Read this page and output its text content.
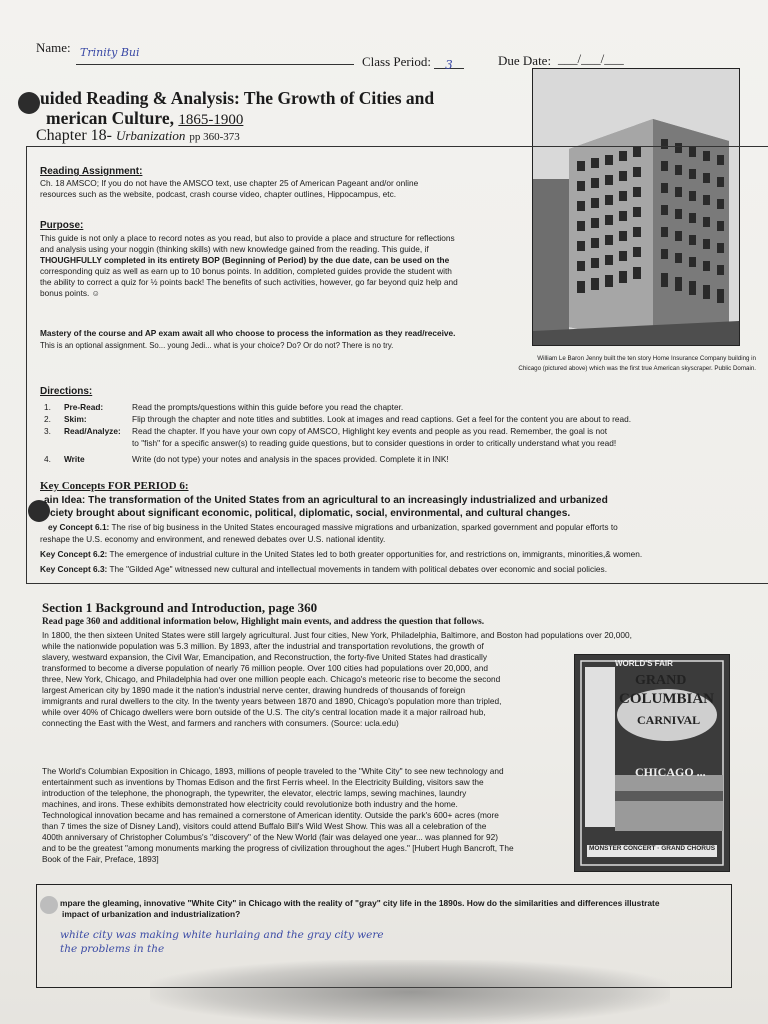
Name: Trinity Bui
Class Period:	3	Due Date: ___/___/___
uided Reading & Analysis: The Growth of Cities and
merican Culture, 1865-1900
Chapter 18- Urbanization pp 360-373
Reading Assignment:
Ch. 18 AMSCO; If you do not have the AMSCO text, use chapter 25 of American Pageant and/or online
resources such as the website, podcast, crash course video, chapter outlines, Hippocampus, etc.
Purpose:
This guide is not only a place to record notes as you read, but also to provide a place and structure for reflections
and analysis using your noggin (thinking skills) with new knowledge gained from the reading. This guide, if
THOUGHFULLY completed in its entirety BOP (Beginning of Period) by the due date, can be used on the
corresponding quiz as well as earn up to 10 bonus points. In addition, completed guides provide the student with
the ability to correct a quiz for ½ points back! The benefits of such activities, however, go far beyond quiz help and
bonus points. ☺
Mastery of the course and AP exam await all who choose to process the information as they read/receive.
This is an optional assignment. So... young Jedi... what is your choice? Do? Or do not? There is no try.
William Le Baron Jenny built the ten story Home Insurance Company building in
Chicago (pictured above) which was the first true American skyscraper. Public Domain.
Directions:
1. Pre-Read:	Read the prompts/questions within this guide before you read the chapter.
2. Skim:	Flip through the chapter and note titles and subtitles. Look at images and read captions. Get a feel for the content you are about to read.
3. Read/Analyze: Read the chapter. If you have your own copy of AMSCO, Highlight key events and people as you read. Remember, the goal is not
to "fish" for a specific answer(s) to reading guide questions, but to consider questions in order to critically understand what you read!
4. Write	Write (do not type) your notes and analysis in the spaces provided. Complete it in INK!
Key Concepts FOR PERIOD 6:
ain Idea: The transformation of the United States from an agricultural to an increasingly industrialized and urbanized
ciety brought about significant economic, political, diplomatic, social, environmental, and cultural changes.
ey Concept 6.1: The rise of big business in the United States encouraged massive migrations and urbanization, sparked government and popular efforts to
reshape the U.S. economy and environment, and renewed debates over U.S. national identity.
Key Concept 6.2: The emergence of industrial culture in the United States led to both greater opportunities for, and restrictions on, immigrants, minorities,& women.
Key Concept 6.3: The "Gilded Age" witnessed new cultural and intellectual movements in tandem with political debates over economic and social policies.
Section 1 Background and Introduction, page 360
Read page 360 and additional information below, Highlight main events, and address the question that follows.
In 1800, the then sixteen United States were still largely agricultural. Just four cities, New York, Philadelphia, Baltimore, and Boston had populations over 20,000,
while the nationwide population was 5.3 million. By 1893, after the industrial and transportation revolutions, the growth of
slavery, westward expansion, the Civil War, Emancipation, and Reconstruction, the forty-five United States had drastically
transformed to become a diverse population of nearly 76 million people. Over 100 cities had populations over 20,000, and
three, New York, Chicago, and Philadelphia had over one million people each. Chicago's meteoric rise to become the second
largest American city by 1890 made it the nation's industrial nerve center, drawing hundreds of thousands of foreign
immigrants and rural dwellers to the city. In the twenty years between 1870 and 1890, Chicago's population more than tripled,
while over 40% of Chicago dwellers were born outside of the U.S. The city's central location made it a major railroad hub,
connecting the East with the West, and farmers and ranchers with consumers. (Source: ucla.edu)
The World's Columbian Exposition in Chicago, 1893, millions of people traveled to the "White City" to see new technology and
entertainment such as inventions by Thomas Edison and the first Ferris wheel. In the Electricity Building, visitors saw the
introduction of the telephone, the phonograph, the typewriter, the elevator, electric lamps, sewing machines, laundry
machines, and irons. These exhibits demonstrated how electricity could revolutionize both industry and the home.
Technological innovation became and has remained a cornerstone of American identity. Outside the park's 600+ acres (more
than 7 times the size of Disney Land), visitors could attend Buffalo Bill's Wild West Show. This was all a celebration of the
400th anniversary of Christopher Columbus's "discovery" of the New World (fair was delayed one year... was planned for 92)
and to be the greatest "among monuments marking the progress of civilization throughout the ages." [Hubert Hugh Bancroft, The
Book of the Fair, Preface, 1893]
WORLD'S FAIR
GRAND
COLUMBIAN
CARNIVAL
CHICAGO ...
MONSTER CONCERT · GRAND CHORUS
mpare the gleaming, innovative "White City" in Chicago with the reality of "gray" city life in the 1890s. How do the similarities and differences illustrate
impact of urbanization and industrialization?
white city was making white hurlaing and the gray city were
the problems in the
